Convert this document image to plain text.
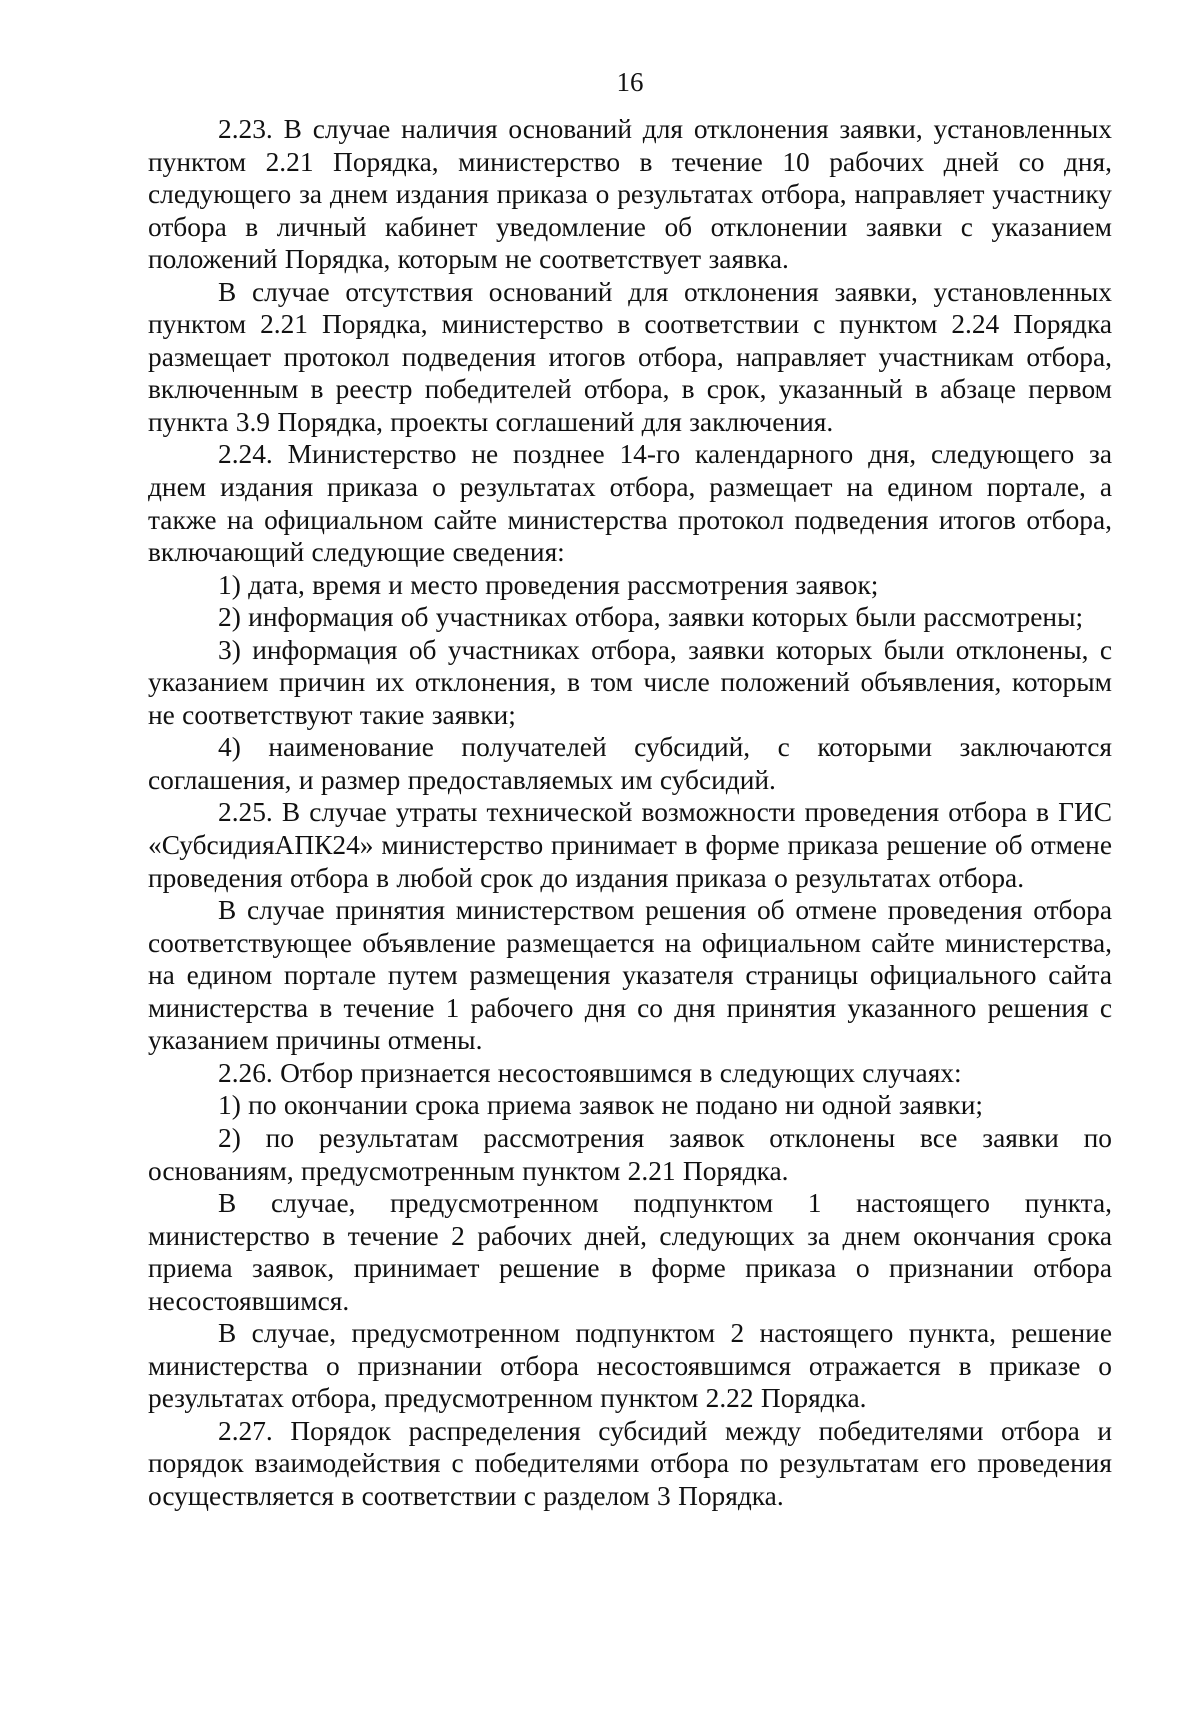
16

2.23. В случае наличия оснований для отклонения заявки, установленных пунктом 2.21 Порядка, министерство в течение 10 рабочих дней со дня, следующего за днем издания приказа о результатах отбора, направляет участнику отбора в личный кабинет уведомление об отклонении заявки с указанием положений Порядка, которым не соответствует заявка.

В случае отсутствия оснований для отклонения заявки, установленных пунктом 2.21 Порядка, министерство в соответствии с пунктом 2.24 Порядка размещает протокол подведения итогов отбора, направляет участникам отбора, включенным в реестр победителей отбора, в срок, указанный в абзаце первом пункта 3.9 Порядка, проекты соглашений для заключения.

2.24. Министерство не позднее 14-го календарного дня, следующего за днем издания приказа о результатах отбора, размещает на едином портале, а также на официальном сайте министерства протокол подведения итогов отбора, включающий следующие сведения:

1) дата, время и место проведения рассмотрения заявок;

2) информация об участниках отбора, заявки которых были рассмотрены;

3) информация об участниках отбора, заявки которых были отклонены, с указанием причин их отклонения, в том числе положений объявления, которым не соответствуют такие заявки;

4) наименование получателей субсидий, с которыми заключаются соглашения, и размер предоставляемых им субсидий.

2.25. В случае утраты технической возможности проведения отбора в ГИС «СубсидияАПК24» министерство принимает в форме приказа решение об отмене проведения отбора в любой срок до издания приказа о результатах отбора.

В случае принятия министерством решения об отмене проведения отбора соответствующее объявление размещается на официальном сайте министерства, на едином портале путем размещения указателя страницы официального сайта министерства в течение 1 рабочего дня со дня принятия указанного решения с указанием причины отмены.

2.26. Отбор признается несостоявшимся в следующих случаях:

1) по окончании срока приема заявок не подано ни одной заявки;

2) по результатам рассмотрения заявок отклонены все заявки по основаниям, предусмотренным пунктом 2.21 Порядка.

В случае, предусмотренном подпунктом 1 настоящего пункта, министерство в течение 2 рабочих дней, следующих за днем окончания срока приема заявок, принимает решение в форме приказа о признании отбора несостоявшимся.

В случае, предусмотренном подпунктом 2 настоящего пункта, решение министерства о признании отбора несостоявшимся отражается в приказе о результатах отбора, предусмотренном пунктом 2.22 Порядка.

2.27. Порядок распределения субсидий между победителями отбора и порядок взаимодействия с победителями отбора по результатам его проведения осуществляется в соответствии с разделом 3 Порядка.
